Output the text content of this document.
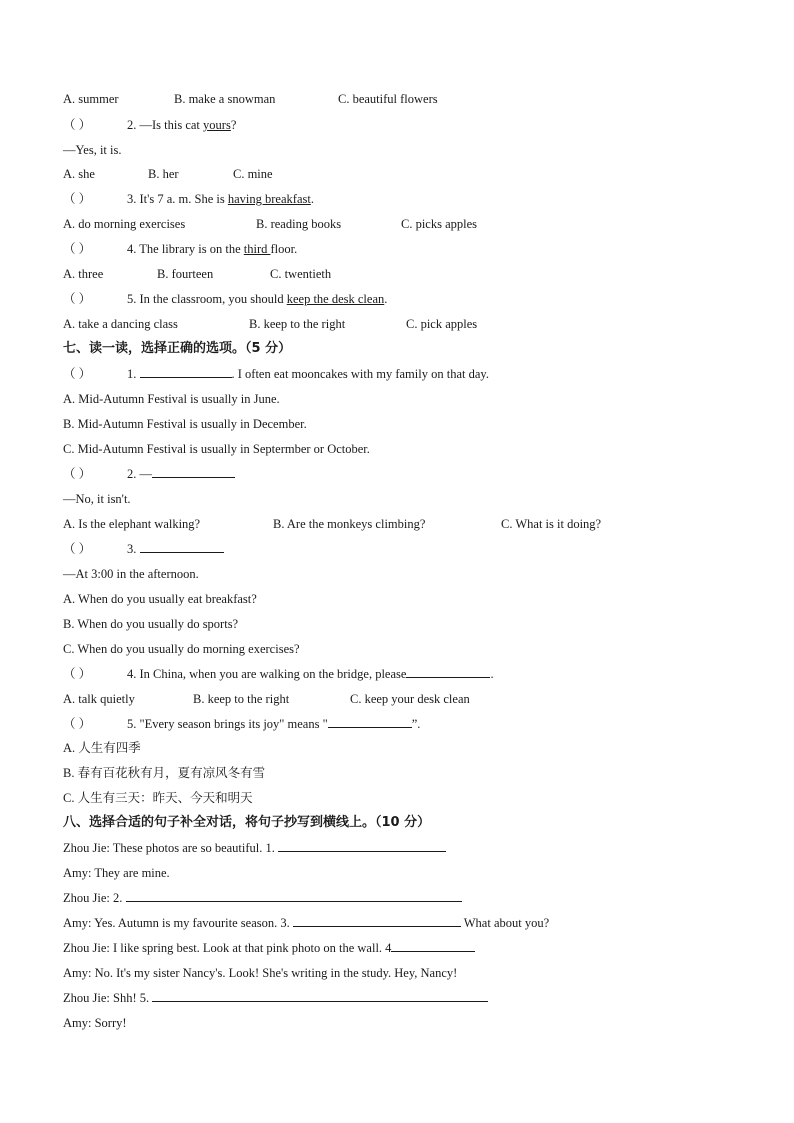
A. summer	B. make a snowman	C. beautiful flowers
（ ）	2. —Is this cat yours?
—Yes, it is.
A. she	B. her	C. mine
（ ）	3. It's 7 a. m. She is having breakfast.
A. do morning exercises	B. reading books	C. picks apples
（ ）	4. The library is on the third floor.
A. three	B. fourteen	C. twentieth
（ ）	5. In the classroom, you should keep the desk clean.
A. take a dancing class	B. keep to the right	C. pick apples
七、读一读，选择正确的选项。（5 分）
（ ）	1.	. I often eat mooncakes with my family on that day.
A. Mid-Autumn Festival is usually in June.
B. Mid-Autumn Festival is usually in December.
C. Mid-Autumn Festival is usually in Septermber or October.
（ ）	2. —
—No, it isn't.
A. Is the elephant walking?	B. Are the monkeys climbing?	C. What is it doing?
（ ）	3.
—At 3:00 in the afternoon.
A. When do you usually eat breakfast?
B. When do you usually do sports?
C. When do you usually do morning exercises?
（ ）	4. In China, when you are walking on the bridge, please	.
A. talk quietly	B. keep to the right	C. keep your desk clean
（ ）	5. "Every season brings its joy" means "	”.
A. 人生有四季
B. 春有百花秋有月，夏有凉风冬有雪
C. 人生有三天：昨天、今天和明天
八、选择合适的句子补全对话，将句子抄写到横线上。（10 分）
Zhou Jie: These photos are so beautiful. 1.
Amy: They are mine.
Zhou Jie: 2.
Amy: Yes. Autumn is my favourite season. 3.	What about you?
Zhou Jie: I like spring best. Look at that pink photo on the wall. 4
Amy: No. It's my sister Nancy's. Look! She's writing in the study. Hey, Nancy!
Zhou Jie: Shh! 5.
Amy: Sorry!
